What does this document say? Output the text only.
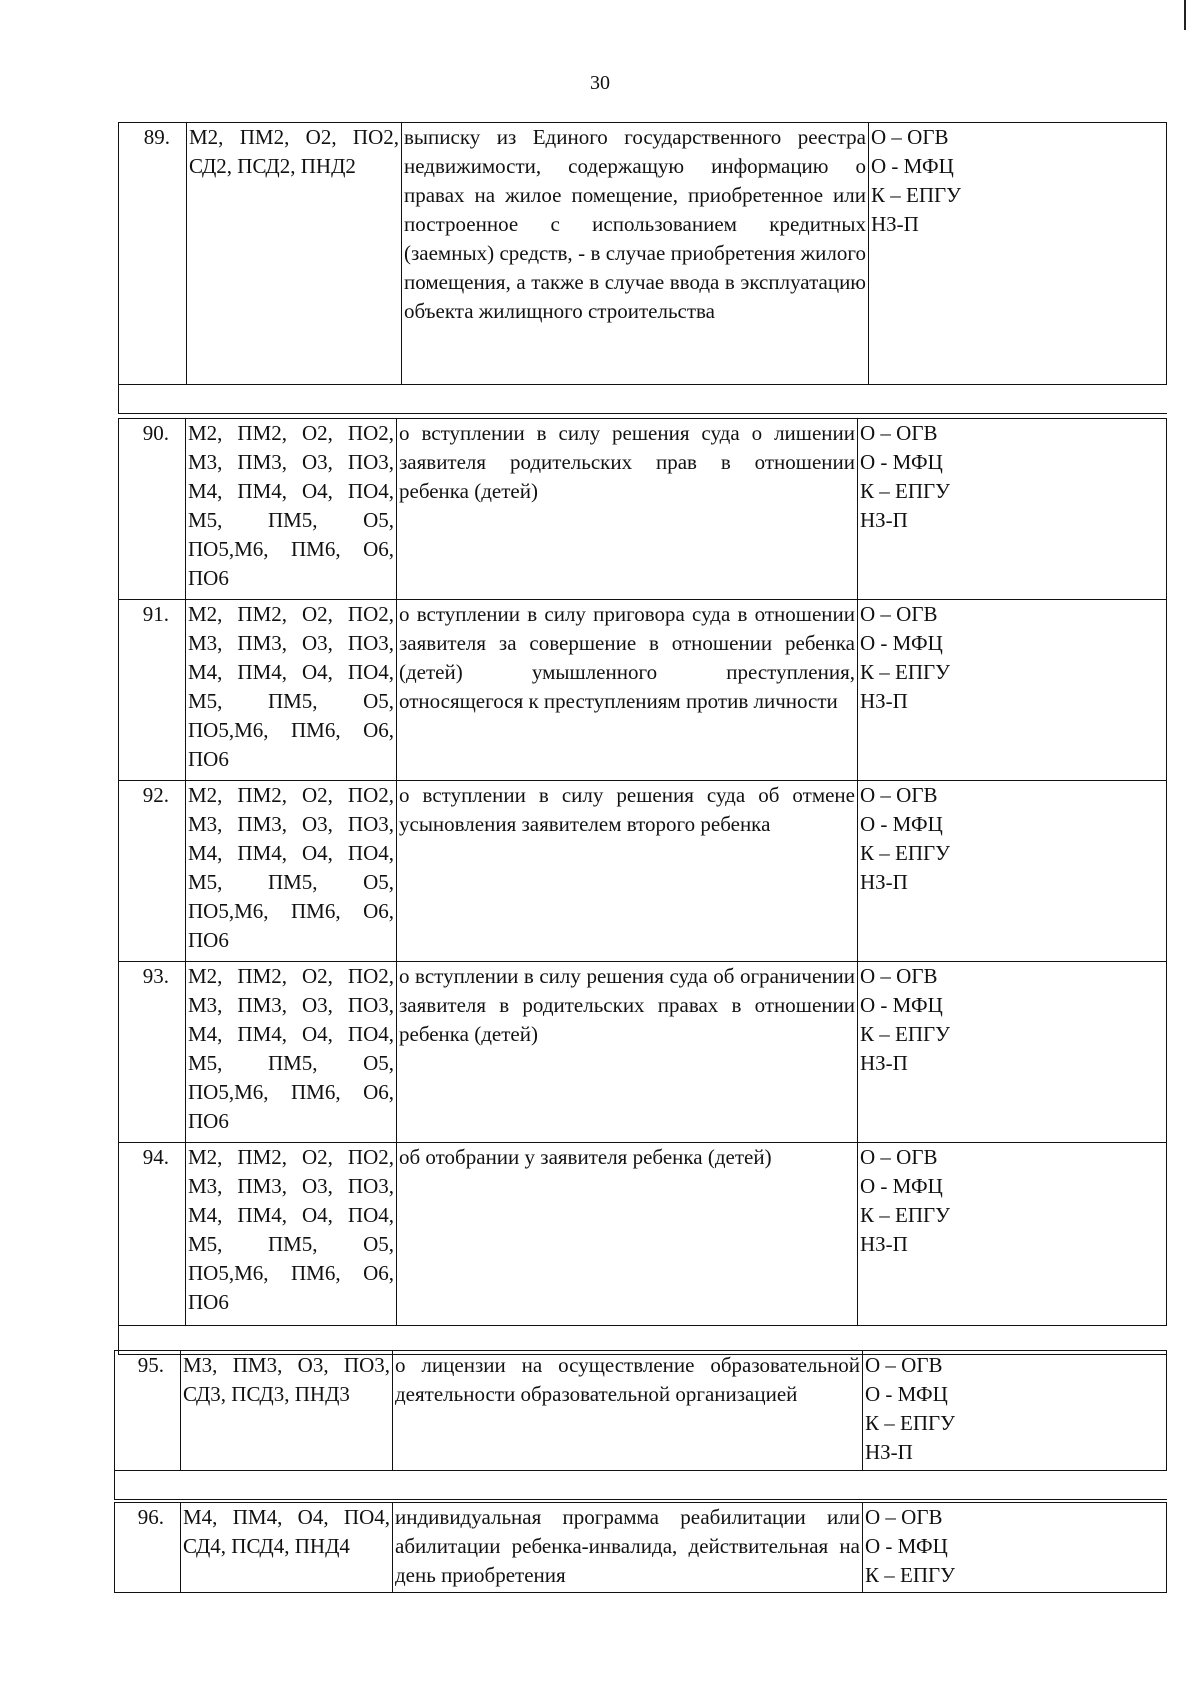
30
89.	М2, ПМ2, О2, ПО2, СД2, ПСД2, ПНД2	выписку из Единого государственного реестра недвижимости, содержащую информацию о правах на жилое помещение, приобретенное или построенное с использованием кредитных (заемных) средств, - в случае приобретения жилого помещения, а также в случае ввода в эксплуатацию объекта жилищного строительства	
О – ОГВ
О - МФЦ
К – ЕПГУ
НЗ-П

90.	М2, ПМ2, О2, ПО2, М3, ПМ3, О3, ПО3, М4, ПМ4, О4, ПО4, М5, ПМ5, О5, ПО5,М6, ПМ6, О6, ПО6	о вступлении в силу решения суда о лишении заявителя родительских прав в отношении ребенка (детей)	О – ОГВ
О - МФЦ
К – ЕПГУ
НЗ-П

91.	М2, ПМ2, О2, ПО2, М3, ПМ3, О3, ПО3, М4, ПМ4, О4, ПО4, М5, ПМ5, О5, ПО5,М6, ПМ6, О6, ПО6	о вступлении в силу приговора суда в отношении заявителя за совершение в отношении ребенка (детей) умышленного преступления, относящегося к преступлениям против личности	О – ОГВ
О - МФЦ
К – ЕПГУ
НЗ-П

92.	М2, ПМ2, О2, ПО2, М3, ПМ3, О3, ПО3, М4, ПМ4, О4, ПО4, М5, ПМ5, О5, ПО5,М6, ПМ6, О6, ПО6	о вступлении в силу решения суда об отмене усыновления заявителем второго ребенка	О – ОГВ
О - МФЦ
К – ЕПГУ
НЗ-П

93.	М2, ПМ2, О2, ПО2, М3, ПМ3, О3, ПО3, М4, ПМ4, О4, ПО4, М5, ПМ5, О5, ПО5,М6, ПМ6, О6, ПО6	о вступлении в силу решения суда об ограничении заявителя в родительских правах в отношении ребенка (детей)	О – ОГВ
О - МФЦ
К – ЕПГУ
НЗ-П

94.	М2, ПМ2, О2, ПО2, М3, ПМ3, О3, ПО3, М4, ПМ4, О4, ПО4, М5, ПМ5, О5, ПО5,М6, ПМ6, О6, ПО6	об отобрании у заявителя ребенка (детей)	О – ОГВ
О - МФЦ
К – ЕПГУ
НЗ-П

95.	М3, ПМ3, О3, ПО3, СД3, ПСД3, ПНД3	о лицензии на осуществление образовательной деятельности образовательной организацией	
О – ОГВ
О - МФЦ
К – ЕПГУ
НЗ-П

96.	М4, ПМ4, О4, ПО4, СД4, ПСД4, ПНД4	индивидуальная программа реабилитации или абилитации ребенка-инвалида, действительная на день приобретения	
О – ОГВ
О - МФЦ
К – ЕПГУ
